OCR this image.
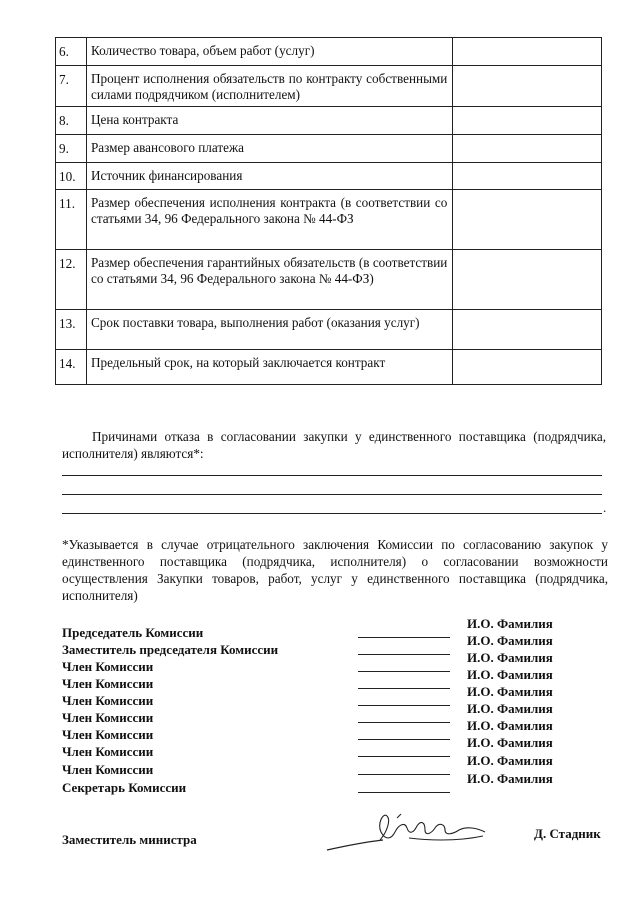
6.	Количество товара, объем работ (услуг)	
7.	Процент исполнения обязательств по контракту собственными силами подрядчиком (исполнителем)	
8.	Цена контракта	
9.	Размер авансового платежа	
10.	Источник финансирования	
11.	Размер обеспечения исполнения контракта (в соответствии со статьями 34, 96 Федерального закона № 44-ФЗ	
12.	Размер обеспечения гарантийных обязательств (в соответствии со статьями 34, 96 Федерального закона № 44-ФЗ)	
13.	Срок поставки товара, выполнения работ (оказания услуг)	
14.	Предельный срок, на который заключается контракт	
Причинами отказа в согласовании закупки у единственного поставщика (подрядчика, исполнителя) являются*:
.
*Указывается в случае отрицательного заключения Комиссии по согласованию закупок у единственного поставщика (подрядчика, исполнителя) о согласовании возможности осуществления Закупки товаров, работ, услуг у единственного поставщика (подрядчика, исполнителя)
Председатель Комиссии
И.О. Фамилия
Заместитель председателя Комиссии
И.О. Фамилия
Член Комиссии
И.О. Фамилия
Член Комиссии
И.О. Фамилия
Член Комиссии
И.О. Фамилия
Член Комиссии
И.О. Фамилия
Член Комиссии
И.О. Фамилия
Член Комиссии
И.О. Фамилия
Член Комиссии
И.О. Фамилия
Секретарь Комиссии
И.О. Фамилия
Заместитель министра	Д. Стадник
